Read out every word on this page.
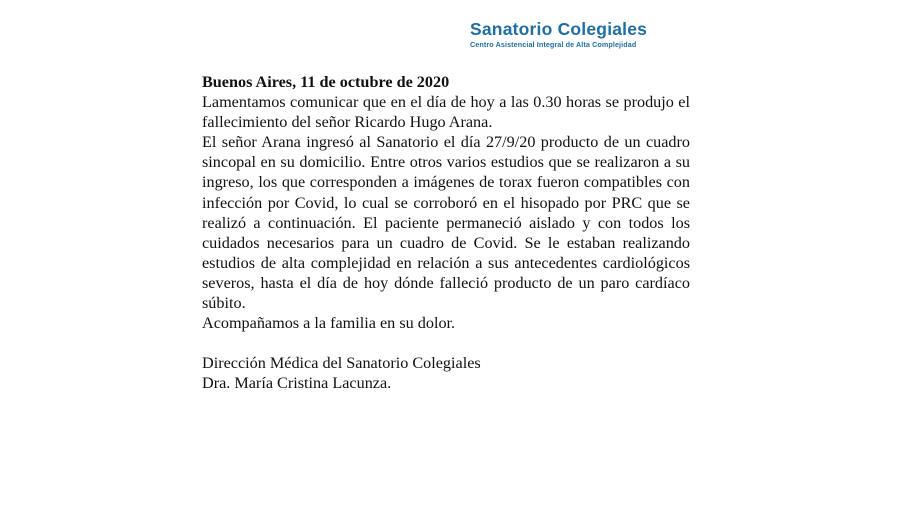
Sanatorio Colegiales
Centro Asistencial Integral de Alta Complejidad
Buenos Aires, 11 de octubre de 2020

Lamentamos comunicar que en el día de hoy a las 0.30 horas se produjo el fallecimiento del señor Ricardo Hugo Arana.

El señor Arana ingresó al Sanatorio el día 27/9/20 producto de un cuadro sincopal en su domicilio. Entre otros varios estudios que se realizaron a su ingreso, los que corresponden a imágenes de torax fueron compatibles con infección por Covid, lo cual se corroboró en el hisopado por PRC que se realizó a continuación. El paciente permaneció aislado y con todos los cuidados necesarios para un cuadro de Covid. Se le estaban realizando estudios de alta complejidad en relación a sus antecedentes cardiológicos severos, hasta el día de hoy dónde falleció producto de un paro cardíaco súbito.

Acompañamos a la familia en su dolor.

Dirección Médica del Sanatorio Colegiales
Dra. María Cristina Lacunza.
